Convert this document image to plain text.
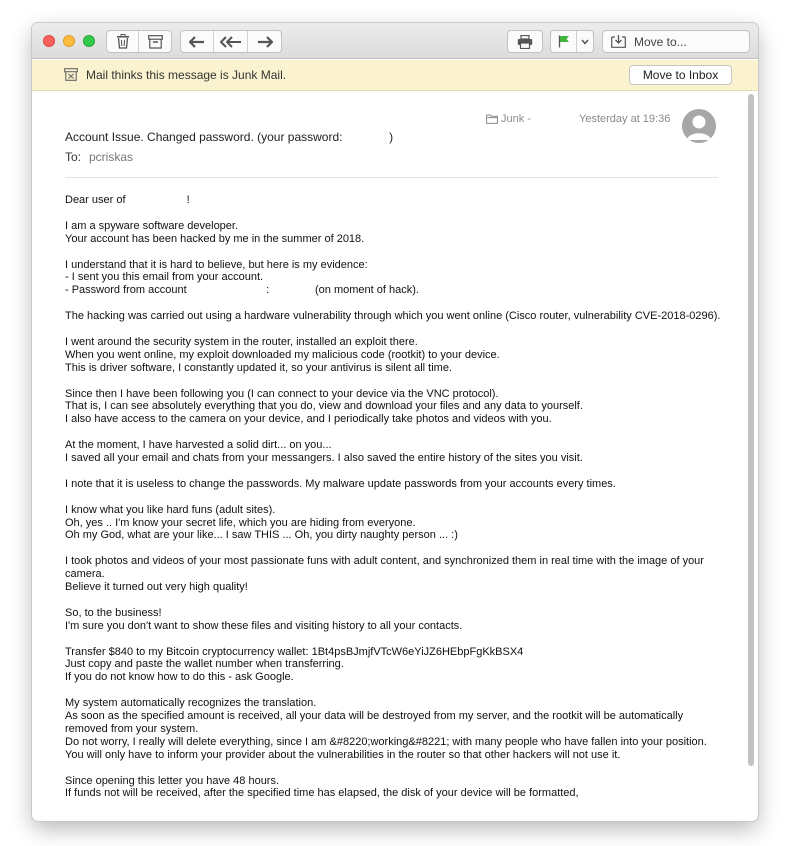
Move to...
Mail thinks this message is Junk Mail.	Move to Inbox
Junk -	Yesterday at 19:36
Account Issue. Changed password. (your password:              )
To: pcriskas

Dear user of                    !

I am a spyware software developer.
Your account has been hacked by me in the summer of 2018.

I understand that it is hard to believe, but here is my evidence:
- I sent you this email from your account.
- Password from account                          :               (on moment of hack).

The hacking was carried out using a hardware vulnerability through which you went online (Cisco router, vulnerability CVE-2018-0296).

I went around the security system in the router, installed an exploit there.
When you went online, my exploit downloaded my malicious code (rootkit) to your device.
This is driver software, I constantly updated it, so your antivirus is silent all time.

Since then I have been following you (I can connect to your device via the VNC protocol).
That is, I can see absolutely everything that you do, view and download your files and any data to yourself.
I also have access to the camera on your device, and I periodically take photos and videos with you.

At the moment, I have harvested a solid dirt... on you...
I saved all your email and chats from your messangers. I also saved the entire history of the sites you visit.

I note that it is useless to change the passwords. My malware update passwords from your accounts every times.

I know what you like hard funs (adult sites).
Oh, yes .. I'm know your secret life, which you are hiding from everyone.
Oh my God, what are your like... I saw THIS ... Oh, you dirty naughty person ... :)

I took photos and videos of your most passionate funs with adult content, and synchronized them in real time with the image of your camera.
Believe it turned out very high quality!

So, to the business!
I'm sure you don't want to show these files and visiting history to all your contacts.

Transfer $840 to my Bitcoin cryptocurrency wallet: 1Bt4psBJmjfVTcW6eYiJZ6HEbpFgKkBSX4
Just copy and paste the wallet number when transferring.
If you do not know how to do this - ask Google.

My system automatically recognizes the translation.
As soon as the specified amount is received, all your data will be destroyed from my server, and the rootkit will be automatically removed from your system.
Do not worry, I really will delete everything, since I am &#8220;working&#8221; with many people who have fallen into your position.
You will only have to inform your provider about the vulnerabilities in the router so that other hackers will not use it.

Since opening this letter you have 48 hours.
If funds not will be received, after the specified time has elapsed, the disk of your device will be formatted,
